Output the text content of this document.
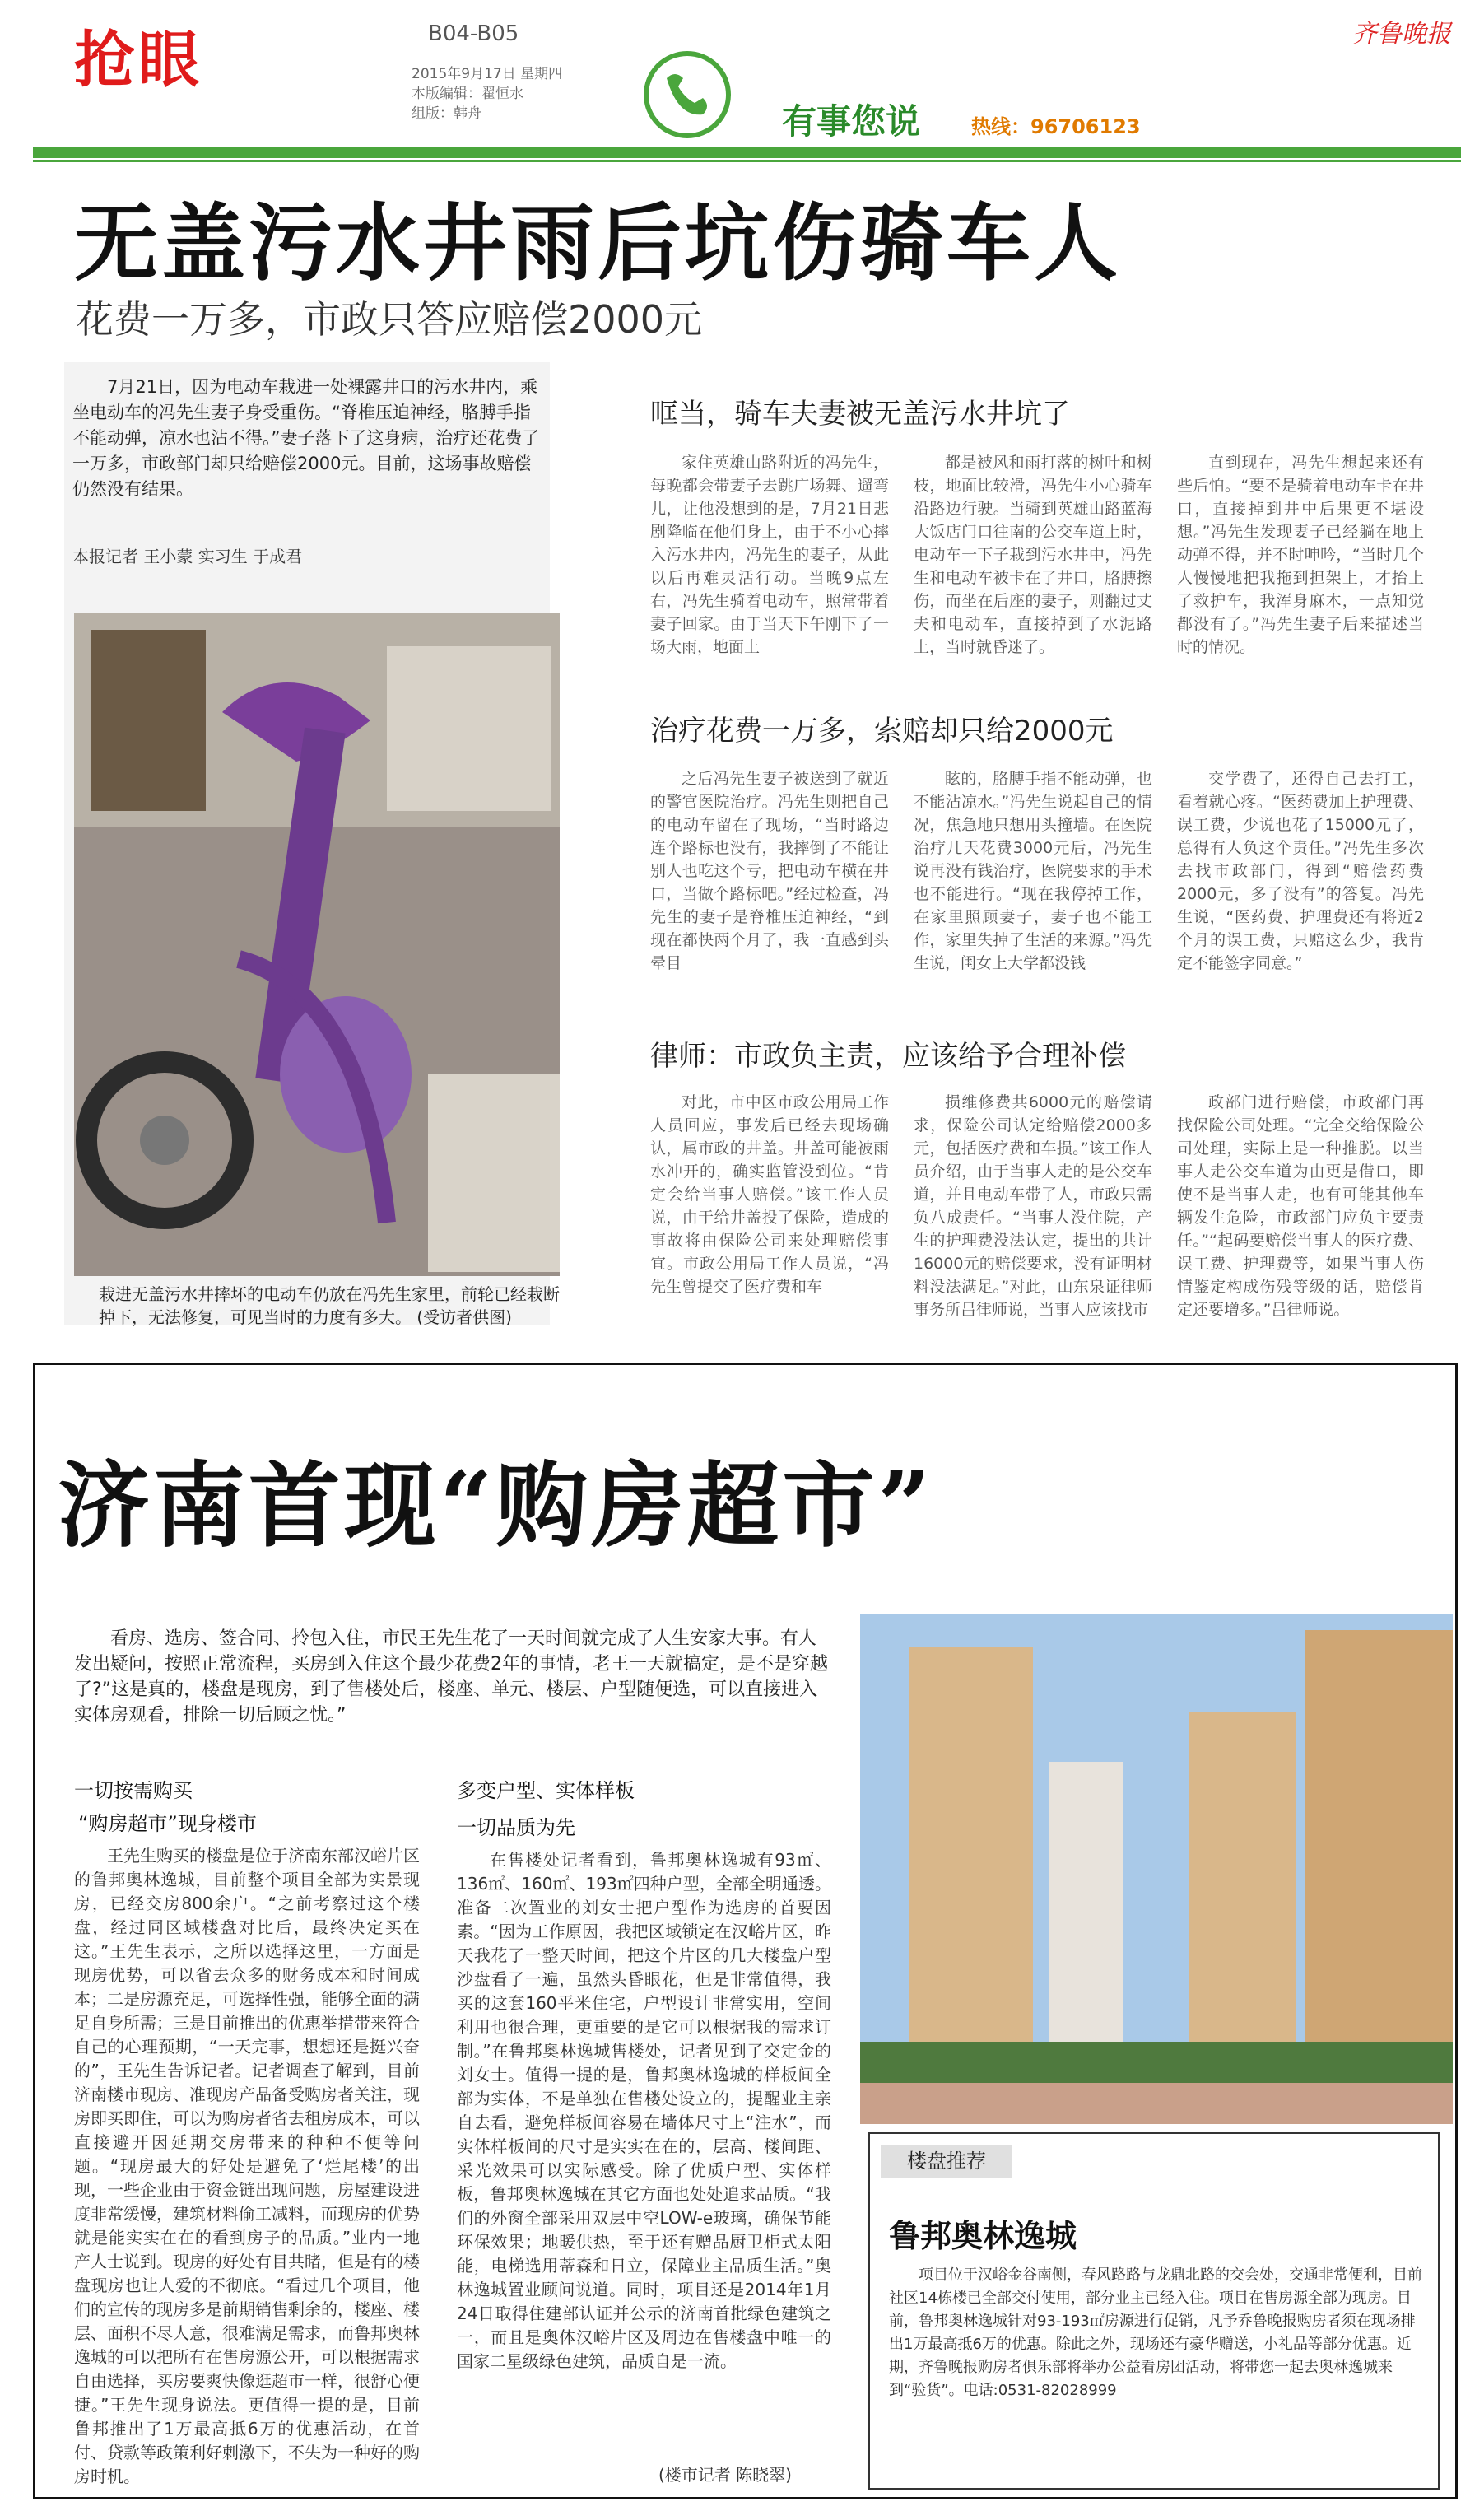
抢眼	B04-B05
2015年9月17日 星期四
本版编辑：翟恒水
组版：韩舟
齐鲁晚报
有事您说	热线：96706123
无盖污水井雨后坑伤骑车人
花费一万多，市政只答应赔偿2000元
7月21日，因为电动车栽进一处裸露井口的污水井内，乘坐电动车的冯先生妻子身受重伤。“脊椎压迫神经，胳膊手指不能动弹，凉水也沾不得。”妻子落下了这身病，治疗还花费了一万多，市政部门却只给赔偿2000元。目前，这场事故赔偿仍然没有结果。
本报记者 王小蒙 实习生 于成君
栽进无盖污水井摔坏的电动车仍放在冯先生家里，前轮已经栽断掉下，无法修复，可见当时的力度有多大。 (受访者供图)
哐当，骑车夫妻被无盖污水井坑了
家住英雄山路附近的冯先生，每晚都会带妻子去跳广场舞、遛弯儿，让他没想到的是，7月21日悲剧降临在他们身上，由于不小心摔入污水井内，冯先生的妻子，从此以后再难灵活行动。当晚9点左右，冯先生骑着电动车，照常带着妻子回家。由于当天下午刚下了一场大雨，地面上
都是被风和雨打落的树叶和树枝，地面比较滑，冯先生小心骑车沿路边行驶。当骑到英雄山路蓝海大饭店门口往南的公交车道上时，电动车一下子栽到污水井中，冯先生和电动车被卡在了井口，胳膊擦伤，而坐在后座的妻子，则翻过丈夫和电动车，直接掉到了水泥路上，当时就昏迷了。
直到现在，冯先生想起来还有些后怕。“要不是骑着电动车卡在井口，直接掉到井中后果更不堪设想。”冯先生发现妻子已经躺在地上动弹不得，并不时呻吟，“当时几个人慢慢地把我拖到担架上，才抬上了救护车，我浑身麻木，一点知觉都没有了。”冯先生妻子后来描述当时的情况。
治疗花费一万多，索赔却只给2000元
之后冯先生妻子被送到了就近的警官医院治疗。冯先生则把自己的电动车留在了现场，“当时路边连个路标也没有，我摔倒了不能让别人也吃这个亏，把电动车横在井口，当做个路标吧。”经过检查，冯先生的妻子是脊椎压迫神经，“到现在都快两个月了，我一直感到头晕目
眩的，胳膊手指不能动弹，也不能沾凉水。”冯先生说起自己的情况，焦急地只想用头撞墙。在医院治疗几天花费3000元后，冯先生说再没有钱治疗，医院要求的手术也不能进行。“现在我停掉工作，在家里照顾妻子，妻子也不能工作，家里失掉了生活的来源。”冯先生说，闺女上大学都没钱
交学费了，还得自己去打工，看着就心疼。“医药费加上护理费、误工费，少说也花了15000元了，总得有人负这个责任。”冯先生多次去找市政部门，得到“赔偿药费2000元，多了没有”的答复。冯先生说，“医药费、护理费还有将近2个月的误工费，只赔这么少，我肯定不能签字同意。”
律师：市政负主责，应该给予合理补偿
对此，市中区市政公用局工作人员回应，事发后已经去现场确认，属市政的井盖。井盖可能被雨水冲开的，确实监管没到位。“肯定会给当事人赔偿。”该工作人员说，由于给井盖投了保险，造成的事故将由保险公司来处理赔偿事宜。市政公用局工作人员说，“冯先生曾提交了医疗费和车
损维修费共6000元的赔偿请求，保险公司认定给赔偿2000多元，包括医疗费和车损。”该工作人员介绍，由于当事人走的是公交车道，并且电动车带了人，市政只需负八成责任。“当事人没住院，产生的护理费没法认定，提出的共计16000元的赔偿要求，没有证明材料没法满足。”对此，山东泉证律师事务所吕律师说，当事人应该找市
政部门进行赔偿，市政部门再找保险公司处理。“完全交给保险公司处理，实际上是一种推脱。以当事人走公交车道为由更是借口，即使不是当事人走，也有可能其他车辆发生危险，市政部门应负主要责任。”“起码要赔偿当事人的医疗费、误工费、护理费等，如果当事人伤情鉴定构成伤残等级的话，赔偿肯定还要增多。”吕律师说。
济南首现“购房超市”
看房、选房、签合同、拎包入住，市民王先生花了一天时间就完成了人生安家大事。有人发出疑问，按照正常流程，买房到入住这个最少花费2年的事情，老王一天就搞定，是不是穿越了?”这是真的，楼盘是现房，到了售楼处后，楼座、单元、楼层、户型随便选，可以直接进入实体房观看，排除一切后顾之忧。”
一切按需购买
“购房超市”现身楼市
王先生购买的楼盘是位于济南东部汉峪片区的鲁邦奥林逸城，目前整个项目全部为实景现房，已经交房800余户。“之前考察过这个楼盘，经过同区域楼盘对比后，最终决定买在这。”王先生表示，之所以选择这里，一方面是现房优势，可以省去众多的财务成本和时间成本；二是房源充足，可选择性强，能够全面的满足自身所需；三是目前推出的优惠举措带来符合自己的心理预期，“一天完事，想想还是挺兴奋的”，王先生告诉记者。记者调查了解到，目前济南楼市现房、准现房产品备受购房者关注，现房即买即住，可以为购房者省去租房成本，可以直接避开因延期交房带来的种种不便等问题。“现房最大的好处是避免了‘烂尾楼’的出现，一些企业由于资金链出现问题，房屋建设进度非常缓慢，建筑材料偷工减料，而现房的优势就是能实实在在的看到房子的品质。”业内一地产人士说到。现房的好处有目共睹，但是有的楼盘现房也让人爱的不彻底。“看过几个项目，他们的宣传的现房多是前期销售剩余的，楼座、楼层、面积不尽人意，很难满足需求，而鲁邦奥林逸城的可以把所有在售房源公开，可以根据需求自由选择，买房要爽快像逛超市一样，很舒心便捷。”王先生现身说法。更值得一提的是，目前鲁邦推出了1万最高抵6万的优惠活动，在首付、贷款等政策利好刺激下，不失为一种好的购房时机。
多变户型、实体样板
一切品质为先
在售楼处记者看到，鲁邦奥林逸城有93㎡、136㎡、160㎡、193㎡四种户型，全部全明通透。准备二次置业的刘女士把户型作为选房的首要因素。“因为工作原因，我把区域锁定在汉峪片区，昨天我花了一整天时间，把这个片区的几大楼盘户型沙盘看了一遍，虽然头昏眼花，但是非常值得，我买的这套160平米住宅，户型设计非常实用，空间利用也很合理，更重要的是它可以根据我的需求订制。”在鲁邦奥林逸城售楼处，记者见到了交定金的刘女士。值得一提的是，鲁邦奥林逸城的样板间全部为实体，不是单独在售楼处设立的，提醒业主亲自去看，避免样板间容易在墙体尺寸上“注水”，而实体样板间的尺寸是实实在在的，层高、楼间距、采光效果可以实际感受。除了优质户型、实体样板，鲁邦奥林逸城在其它方面也处处追求品质。“我们的外窗全部采用双层中空LOW-e玻璃，确保节能环保效果；地暖供热，至于还有赠品厨卫柜式太阳能，电梯选用蒂森和日立，保障业主品质生活。”奥林逸城置业顾问说道。同时，项目还是2014年1月24日取得住建部认证并公示的济南首批绿色建筑之一，而且是奥体汉峪片区及周边在售楼盘中唯一的国家二星级绿色建筑，品质自是一流。
(楼市记者 陈晓翠)
楼盘推荐
鲁邦奥林逸城
项目位于汉峪金谷南侧，春风路路与龙鼎北路的交会处，交通非常便利，目前社区14栋楼已全部交付使用，部分业主已经入住。项目在售房源全部为现房。目前，鲁邦奥林逸城针对93-193㎡房源进行促销，凡予乔鲁晚报购房者须在现场排出1万最高抵6万的优惠。除此之外，现场还有豪华赠送，小礼品等部分优惠。近期，齐鲁晚报购房者俱乐部将举办公益看房团活动，将带您一起去奥林逸城来到“验货”。电话:0531-82028999
